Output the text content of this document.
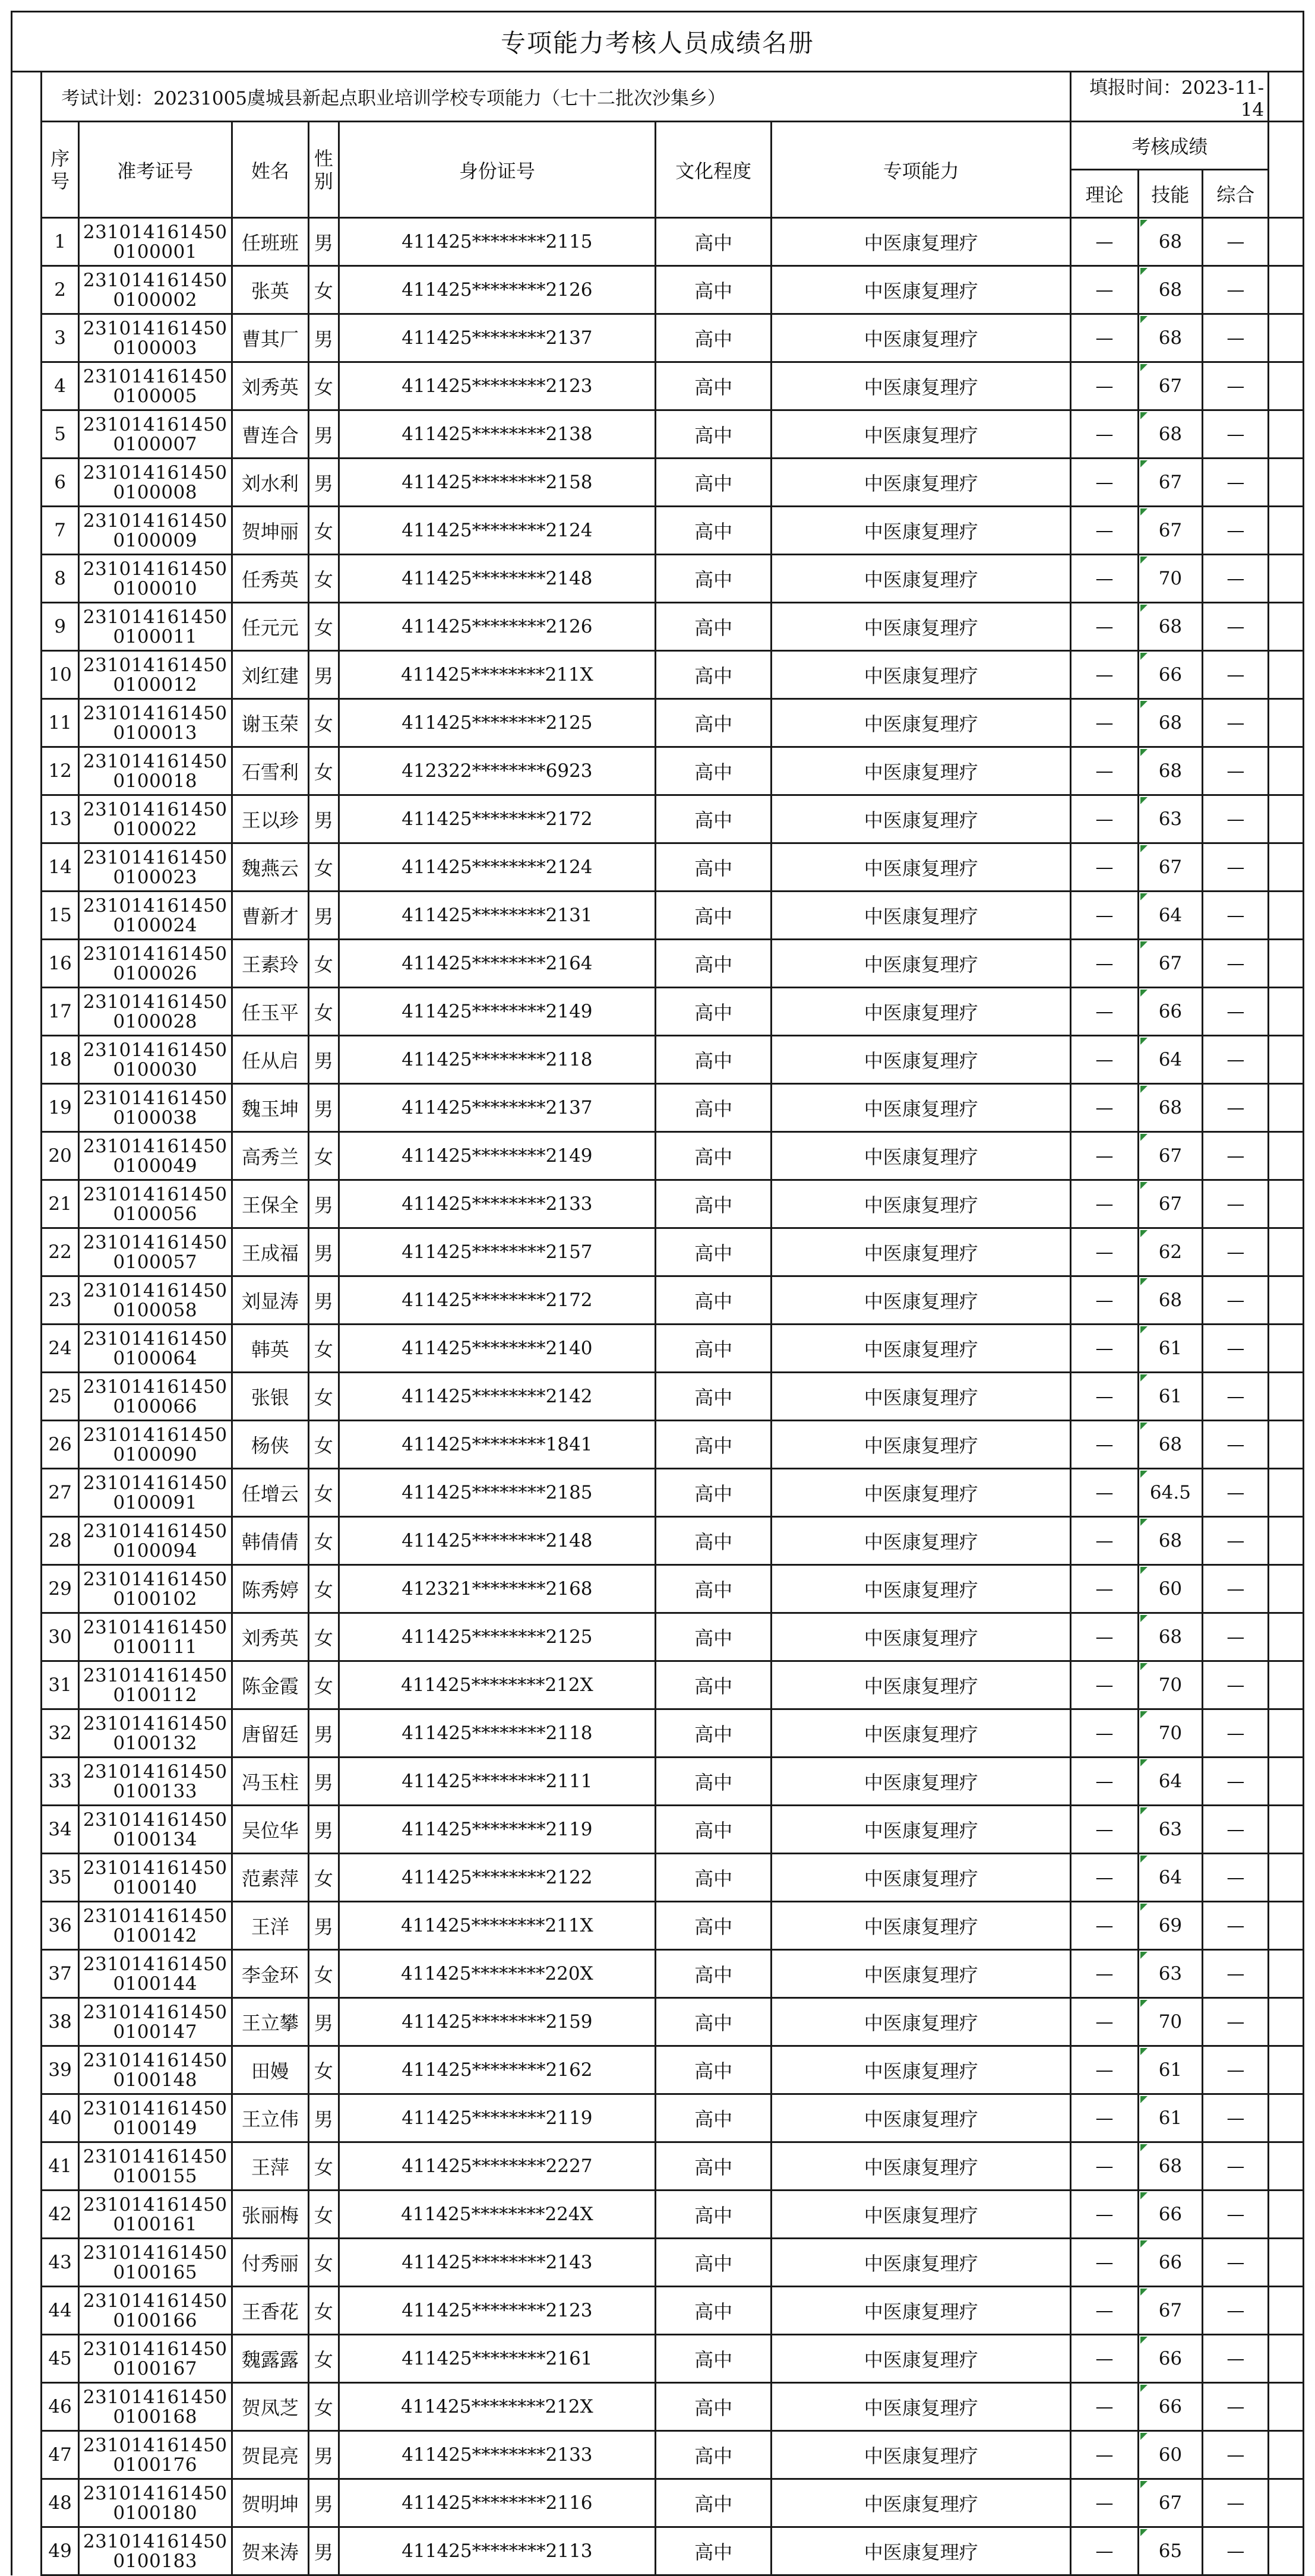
专项能力考核人员成绩名册											
	考试计划：20231005虞城县新起点职业培训学校专项能力（七十二批次沙集乡）							填报时间：2023-11-14			
	序号	准考证号	姓名	性别	身份证号	文化程度	专项能力	考核成绩			
								理论	技能	综合	
	1	2310141614500100001	任班班	男	411425********2115	高中	中医康复理疗	—	68	—	
	2	2310141614500100002	张英	女	411425********2126	高中	中医康复理疗	—	68	—	
	3	2310141614500100003	曹其厂	男	411425********2137	高中	中医康复理疗	—	68	—	
	4	2310141614500100005	刘秀英	女	411425********2123	高中	中医康复理疗	—	67	—	
	5	2310141614500100007	曹连合	男	411425********2138	高中	中医康复理疗	—	68	—	
	6	2310141614500100008	刘水利	男	411425********2158	高中	中医康复理疗	—	67	—	
	7	2310141614500100009	贺坤丽	女	411425********2124	高中	中医康复理疗	—	67	—	
	8	2310141614500100010	任秀英	女	411425********2148	高中	中医康复理疗	—	70	—	
	9	2310141614500100011	任元元	女	411425********2126	高中	中医康复理疗	—	68	—	
	10	2310141614500100012	刘红建	男	411425********211X	高中	中医康复理疗	—	66	—	
	11	2310141614500100013	谢玉荣	女	411425********2125	高中	中医康复理疗	—	68	—	
	12	2310141614500100018	石雪利	女	412322********6923	高中	中医康复理疗	—	68	—	
	13	2310141614500100022	王以珍	男	411425********2172	高中	中医康复理疗	—	63	—	
	14	2310141614500100023	魏燕云	女	411425********2124	高中	中医康复理疗	—	67	—	
	15	2310141614500100024	曹新才	男	411425********2131	高中	中医康复理疗	—	64	—	
	16	2310141614500100026	王素玲	女	411425********2164	高中	中医康复理疗	—	67	—	
	17	2310141614500100028	任玉平	女	411425********2149	高中	中医康复理疗	—	66	—	
	18	2310141614500100030	任从启	男	411425********2118	高中	中医康复理疗	—	64	—	
	19	2310141614500100038	魏玉坤	男	411425********2137	高中	中医康复理疗	—	68	—	
	20	2310141614500100049	高秀兰	女	411425********2149	高中	中医康复理疗	—	67	—	
	21	2310141614500100056	王保全	男	411425********2133	高中	中医康复理疗	—	67	—	
	22	2310141614500100057	王成福	男	411425********2157	高中	中医康复理疗	—	62	—	
	23	2310141614500100058	刘显涛	男	411425********2172	高中	中医康复理疗	—	68	—	
	24	2310141614500100064	韩英	女	411425********2140	高中	中医康复理疗	—	61	—	
	25	2310141614500100066	张银	女	411425********2142	高中	中医康复理疗	—	61	—	
	26	2310141614500100090	杨侠	女	411425********1841	高中	中医康复理疗	—	68	—	
	27	2310141614500100091	任增云	女	411425********2185	高中	中医康复理疗	—	64.5	—	
	28	2310141614500100094	韩倩倩	女	411425********2148	高中	中医康复理疗	—	68	—	
	29	2310141614500100102	陈秀婷	女	412321********2168	高中	中医康复理疗	—	60	—	
	30	2310141614500100111	刘秀英	女	411425********2125	高中	中医康复理疗	—	68	—	
	31	2310141614500100112	陈金霞	女	411425********212X	高中	中医康复理疗	—	70	—	
	32	2310141614500100132	唐留廷	男	411425********2118	高中	中医康复理疗	—	70	—	
	33	2310141614500100133	冯玉柱	男	411425********2111	高中	中医康复理疗	—	64	—	
	34	2310141614500100134	吴位华	男	411425********2119	高中	中医康复理疗	—	63	—	
	35	2310141614500100140	范素萍	女	411425********2122	高中	中医康复理疗	—	64	—	
	36	2310141614500100142	王洋	男	411425********211X	高中	中医康复理疗	—	69	—	
	37	2310141614500100144	李金环	女	411425********220X	高中	中医康复理疗	—	63	—	
	38	2310141614500100147	王立攀	男	411425********2159	高中	中医康复理疗	—	70	—	
	39	2310141614500100148	田嫚	女	411425********2162	高中	中医康复理疗	—	61	—	
	40	2310141614500100149	王立伟	男	411425********2119	高中	中医康复理疗	—	61	—	
	41	2310141614500100155	王萍	女	411425********2227	高中	中医康复理疗	—	68	—	
	42	2310141614500100161	张丽梅	女	411425********224X	高中	中医康复理疗	—	66	—	
	43	2310141614500100165	付秀丽	女	411425********2143	高中	中医康复理疗	—	66	—	
	44	2310141614500100166	王香花	女	411425********2123	高中	中医康复理疗	—	67	—	
	45	2310141614500100167	魏露露	女	411425********2161	高中	中医康复理疗	—	66	—	
	46	2310141614500100168	贺凤芝	女	411425********212X	高中	中医康复理疗	—	66	—	
	47	2310141614500100176	贺昆亮	男	411425********2133	高中	中医康复理疗	—	60	—	
	48	2310141614500100180	贺明坤	男	411425********2116	高中	中医康复理疗	—	67	—	
	49	2310141614500100183	贺来涛	男	411425********2113	高中	中医康复理疗	—	65	—	
